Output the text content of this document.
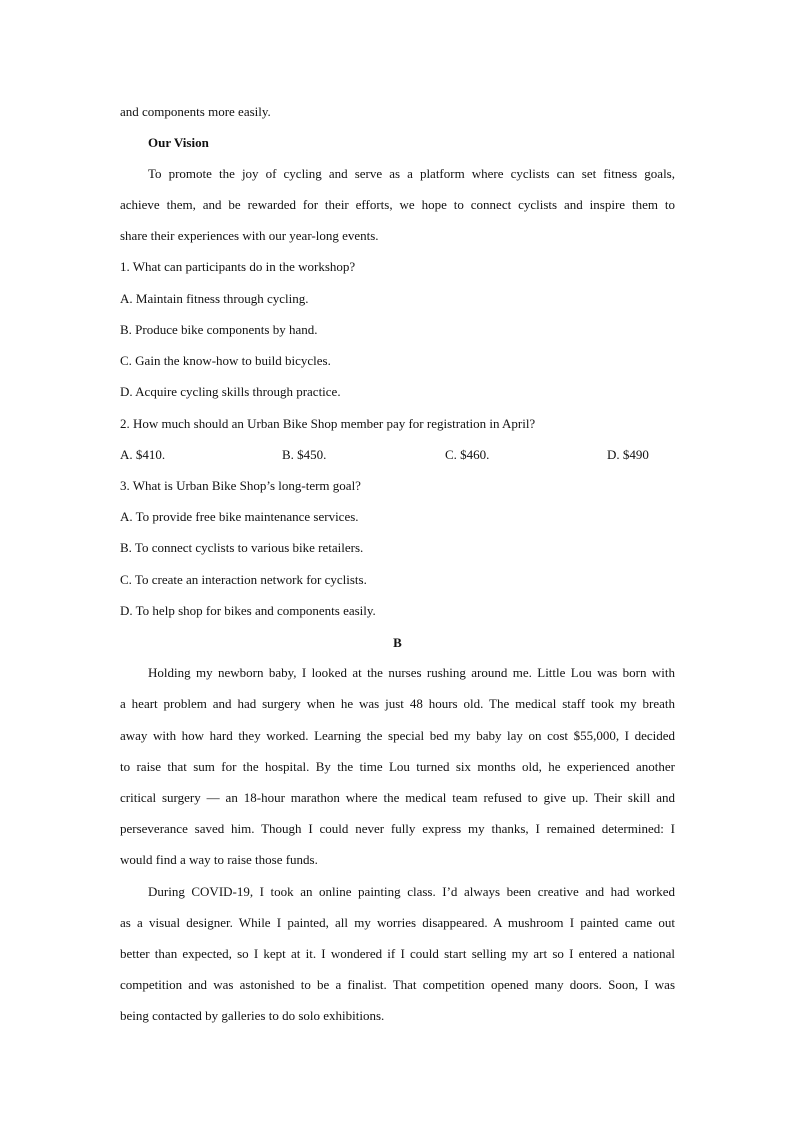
and components more easily.
Our Vision
To promote the joy of cycling and serve as a platform where cyclists can set fitness goals,
achieve them, and be rewarded for their efforts, we hope to connect cyclists and inspire them to
share their experiences with our year-long events.
1. What can participants do in the workshop?
A. Maintain fitness through cycling.
B. Produce bike components by hand.
C. Gain the know-how to build bicycles.
D. Acquire cycling skills through practice.
2. How much should an Urban Bike Shop member pay for registration in April?
A. $410.	B. $450.	C. $460.	D. $490
3. What is Urban Bike Shop’s long-term goal?
A. To provide free bike maintenance services.
B. To connect cyclists to various bike retailers.
C. To create an interaction network for cyclists.
D. To help shop for bikes and components easily.
B
Holding my newborn baby, I looked at the nurses rushing around me. Little Lou was born with
a heart problem and had surgery when he was just 48 hours old. The medical staff took my breath
away with how hard they worked. Learning the special bed my baby lay on cost $55,000, I decided
to raise that sum for the hospital. By the time Lou turned six months old, he experienced another
critical surgery — an 18-hour marathon where the medical team refused to give up. Their skill and
perseverance saved him. Though I could never fully express my thanks, I remained determined: I
would find a way to raise those funds.
During COVID-19, I took an online painting class. I’d always been creative and had worked
as a visual designer. While I painted, all my worries disappeared. A mushroom I painted came out
better than expected, so I kept at it. I wondered if I could start selling my art so I entered a national
competition and was astonished to be a finalist. That competition opened many doors. Soon, I was
being contacted by galleries to do solo exhibitions.
